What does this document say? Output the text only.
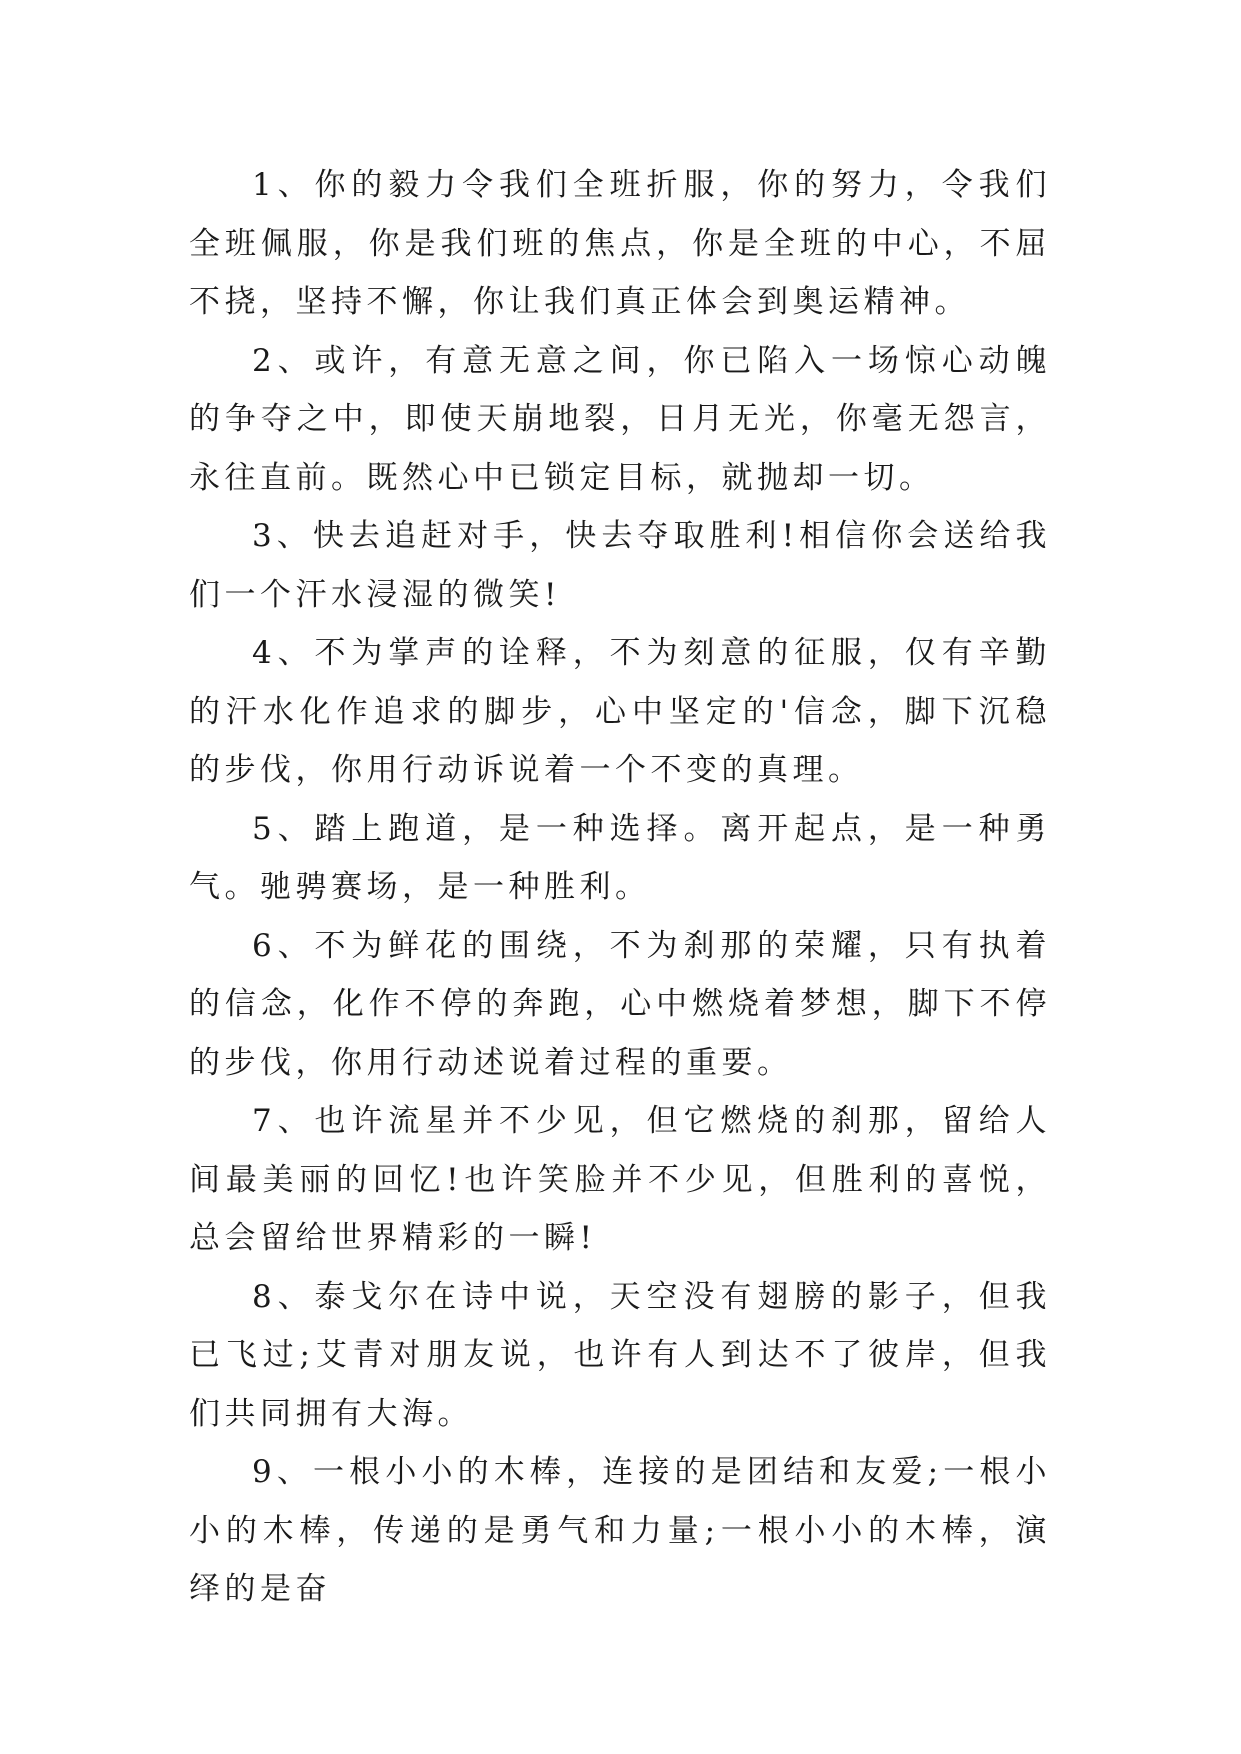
1、你的毅力令我们全班折服，你的努力，令我们全班佩服，你是我们班的焦点，你是全班的中心，不屈不挠，坚持不懈，你让我们真正体会到奥运精神。

2、或许，有意无意之间，你已陷入一场惊心动魄的争夺之中，即使天崩地裂，日月无光，你毫无怨言，永往直前。既然心中已锁定目标，就抛却一切。

3、快去追赶对手，快去夺取胜利!相信你会送给我们一个汗水浸湿的微笑!

4、不为掌声的诠释，不为刻意的征服，仅有辛勤的汗水化作追求的脚步，心中坚定的'信念，脚下沉稳的步伐，你用行动诉说着一个不变的真理。

5、踏上跑道，是一种选择。离开起点，是一种勇气。驰骋赛场，是一种胜利。

6、不为鲜花的围绕，不为刹那的荣耀，只有执着的信念，化作不停的奔跑，心中燃烧着梦想，脚下不停的步伐，你用行动述说着过程的重要。

7、也许流星并不少见，但它燃烧的刹那，留给人间最美丽的回忆!也许笑脸并不少见，但胜利的喜悦，总会留给世界精彩的一瞬!

8、泰戈尔在诗中说，天空没有翅膀的影子，但我已飞过;艾青对朋友说，也许有人到达不了彼岸，但我们共同拥有大海。

9、一根小小的木棒，连接的是团结和友爱;一根小小的木棒，传递的是勇气和力量;一根小小的木棒，演绎的是奋
